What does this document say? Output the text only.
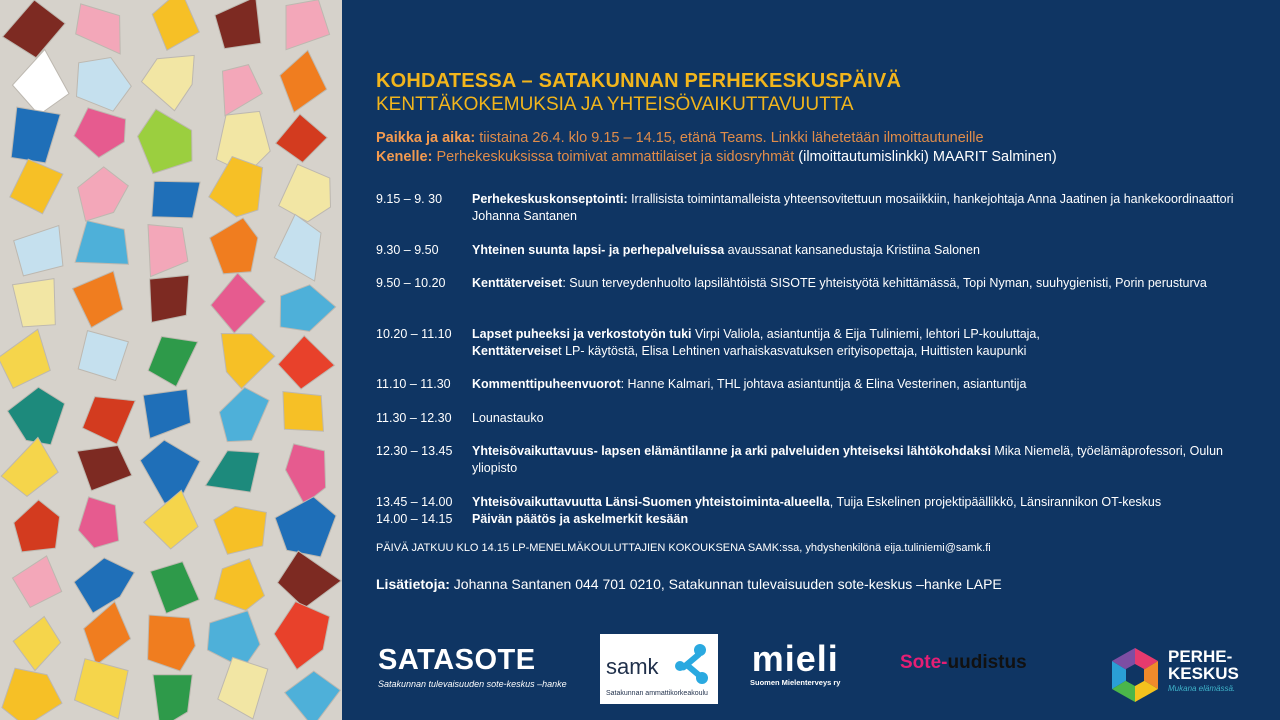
KOHDATESSA – SATAKUNNAN PERHEKESKUSPÄIVÄ
KENTTÄKOKEMUKSIA JA YHTEISÖVAIKUTTAVUUTTA
Paikka ja aika: tiistaina 26.4. klo 9.15 – 14.15, etänä Teams. Linkki lähetetään ilmoittautuneille
Kenelle: Perhekeskuksissa toimivat ammattilaiset ja sidosryhmät (ilmoittautumislinkki) MAARIT Salminen)
9.15 – 9. 30	Perhekeskuskonseptointi: Irrallisista toimintamalleista yhteensovitettuun mosaiikkiin, hankejohtaja Anna Jaatinen ja hankekoordinaattori Johanna Santanen
9.30 – 9.50	Yhteinen suunta lapsi- ja perhepalveluissa avaussanat kansanedustaja Kristiina Salonen
9.50 – 10.20	Kenttäterveiset: Suun terveydenhuolto lapsilähtöistä SISOTE yhteistyötä kehittämässä, Topi Nyman, suuhygienisti, Porin perusturva
10.20 – 11.10	Lapset puheeksi ja verkostotyön tuki Virpi Valiola, asiantuntija & Eija Tuliniemi, lehtori LP-kouluttaja,
Kenttäterveiset LP- käytöstä, Elisa Lehtinen varhaiskasvatuksen erityisopettaja, Huittisten kaupunki
11.10 – 11.30	Kommenttipuheenvuorot: Hanne Kalmari, THL johtava asiantuntija & Elina Vesterinen, asiantuntija
11.30 – 12.30	Lounastauko
12.30 – 13.45	Yhteisövaikuttavuus- lapsen elämäntilanne ja arki palveluiden yhteiseksi lähtökohdaksi Mika Niemelä, työelämäprofessori, Oulun yliopisto
13.45 – 14.00	Yhteisövaikuttavuutta Länsi-Suomen yhteistoiminta-alueella, Tuija Eskelinen projektipäällikkö, Länsirannikon OT-keskus
14.00 – 14.15	Päivän päätös ja askelmerkit kesään
PÄIVÄ JATKUU KLO 14.15 LP-MENELMÄKOULUTTAJIEN KOKOUKSENA SAMK:ssa, yhdyshenkilönä eija.tuliniemi@samk.fi
Lisätietoja: Johanna Santanen 044 701 0210, Satakunnan tulevaisuuden sote-keskus –hanke LAPE
SATASOTE
Satakunnan tulevaisuuden sote-keskus –hanke
samk
Satakunnan ammattikorkeakoulu
mieli
Suomen Mielenterveys ry
Sote-uudistus	PERHE-
KESKUS
Mukana elämässä.
